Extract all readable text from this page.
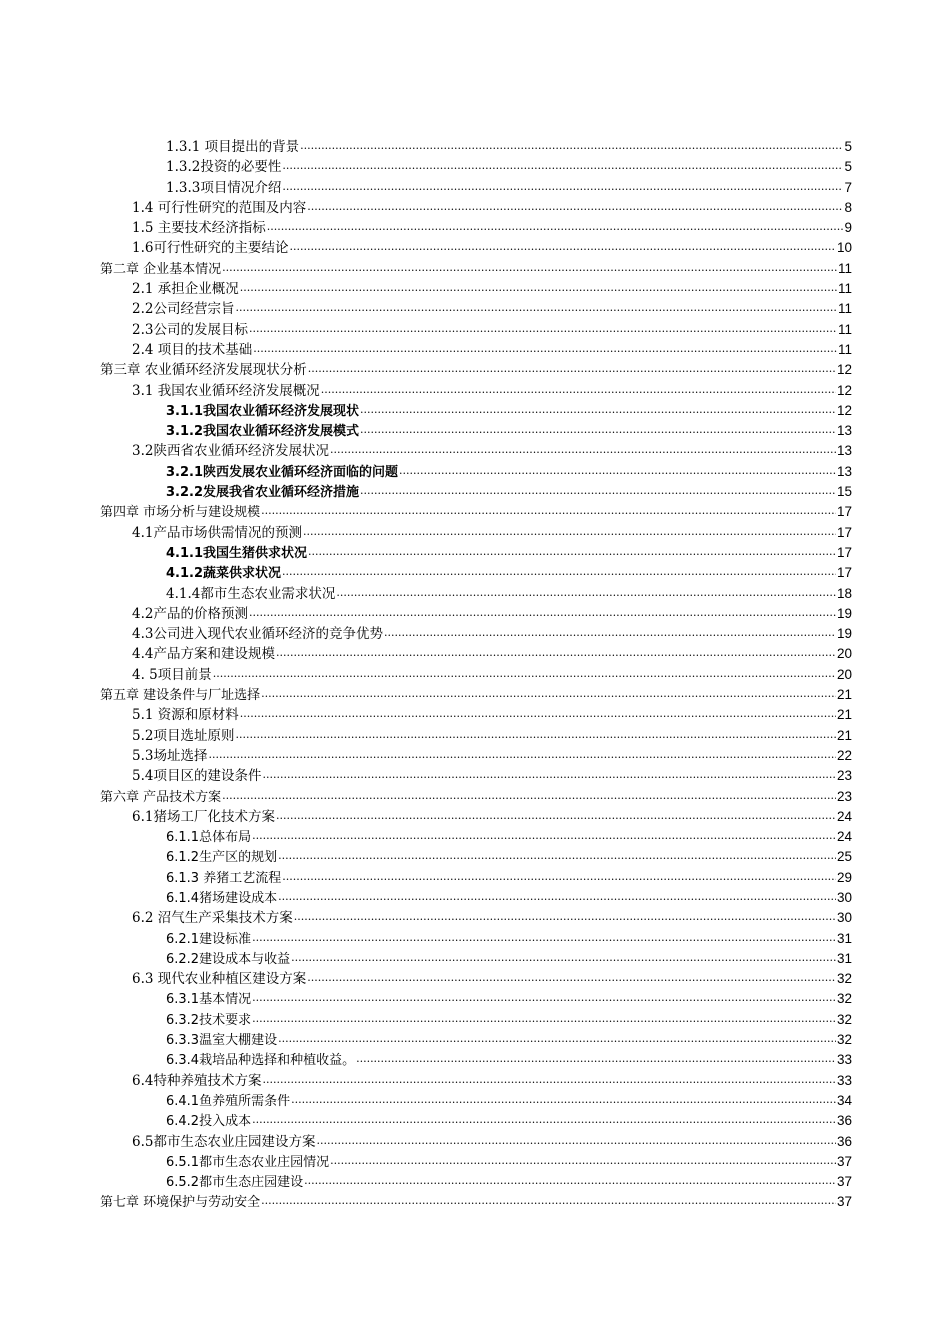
1.3.1 项目提出的背景 .....	5
1.3.2投资的必要性 .....	5
1.3.3项目情况介绍 .....	7
1.4 可行性研究的范围及内容 .....	8
1.5 主要技术经济指标 .....	9
1.6可行性研究的主要结论 .....	10
第二章 企业基本情况 .....	11
2.1 承担企业概况 .....	11
2.2公司经营宗旨 .....	11
2.3公司的发展目标 .....	11
2.4 项目的技术基础 .....	11
第三章 农业循环经济发展现状分析 .....	12
3.1 我国农业循环经济发展概况 .....	12
3.1.1我国农业循环经济发展现状 .....	12
3.1.2我国农业循环经济发展模式 .....	13
3.2陕西省农业循环经济发展状况 .....	13
3.2.1陕西发展农业循环经济面临的问题 .....	13
3.2.2发展我省农业循环经济措施 .....	15
第四章 市场分析与建设规模 .....	17
4.1产品市场供需情况的预测 .....	17
4.1.1我国生猪供求状况 .....	17
4.1.2蔬菜供求状况 .....	17
4.1.4都市生态农业需求状况 .....	18
4.2产品的价格预测 .....	19
4.3公司进入现代农业循环经济的竞争优势 .....	19
4.4产品方案和建设规模 .....	20
4. 5项目前景 .....	20
第五章 建设条件与厂址选择 .....	21
5.1 资源和原材料 .....	21
5.2项目选址原则 .....	21
5.3场址选择 .....	22
5.4项目区的建设条件 .....	23
第六章 产品技术方案 .....	23
6.1猪场工厂化技术方案 .....	24
6.1.1总体布局 .....	24
6.1.2生产区的规划 .....	25
6.1.3 养猪工艺流程 .....	29
6.1.4猪场建设成本 .....	30
6.2 沼气生产采集技术方案 .....	30
6.2.1建设标准 .....	31
6.2.2建设成本与收益 .....	31
6.3 现代农业种植区建设方案 .....	32
6.3.1基本情况 .....	32
6.3.2技术要求 .....	32
6.3.3温室大棚建设 .....	32
6.3.4栽培品种选择和种植收益。 .....	33
6.4特种养殖技术方案 .....	33
6.4.1鱼养殖所需条件 .....	34
6.4.2投入成本 .....	36
6.5都市生态农业庄园建设方案 .....	36
6.5.1都市生态农业庄园情况 .....	37
6.5.2都市生态庄园建设 .....	37
第七章 环境保护与劳动安全 .....	37
